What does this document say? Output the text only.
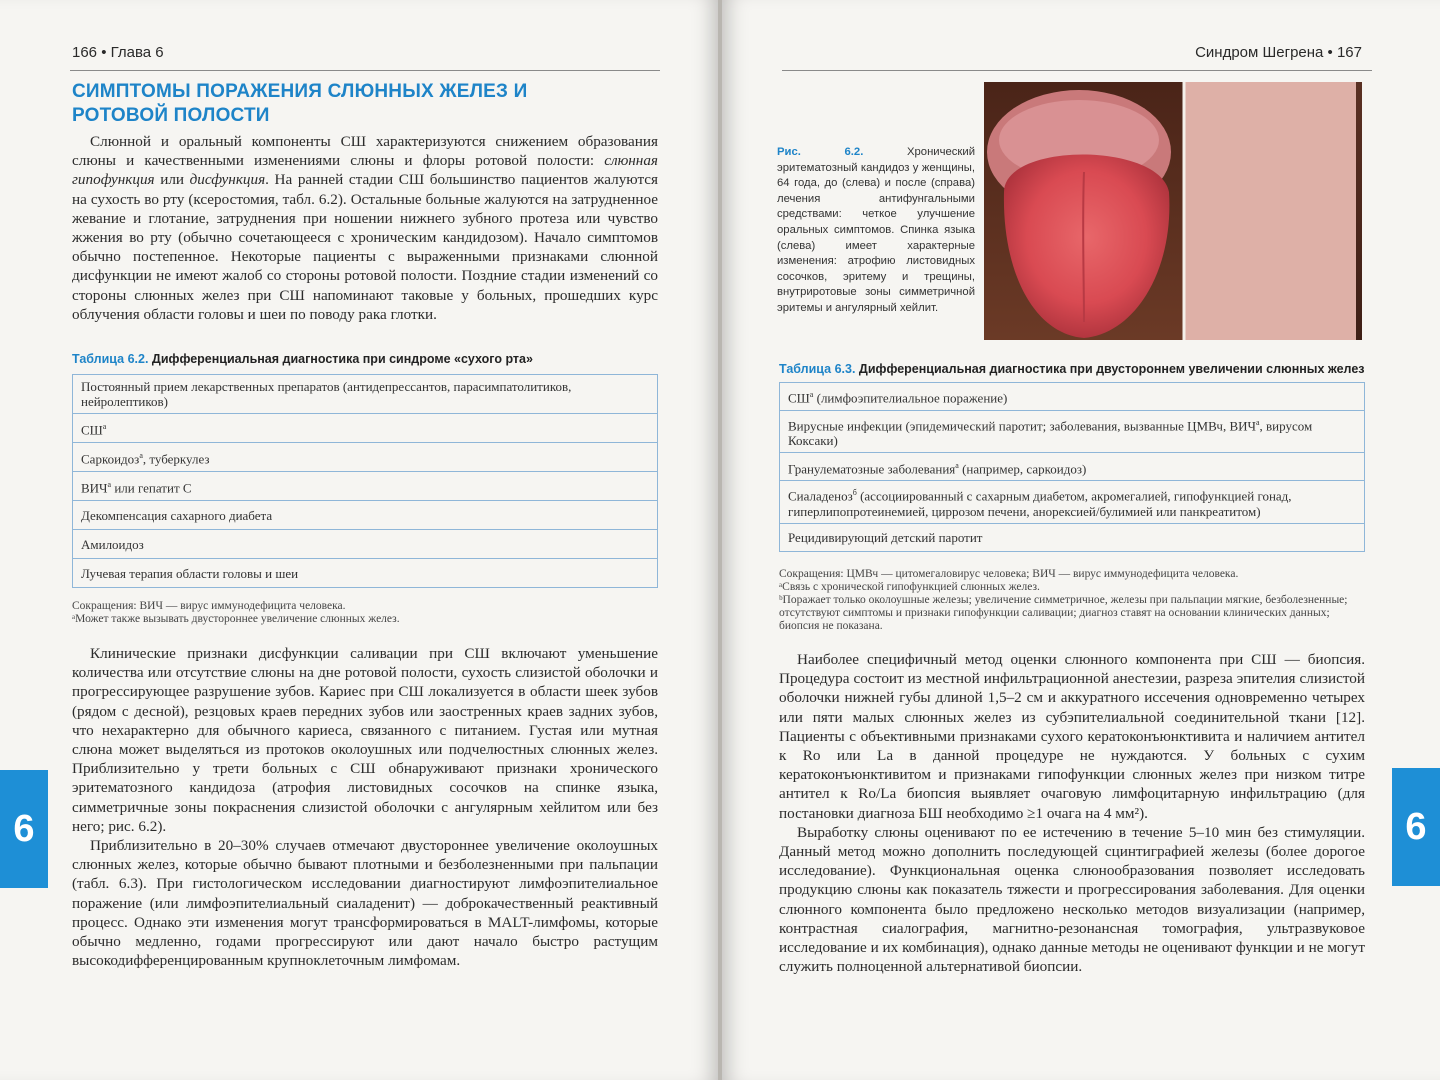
166 • Глава 6
СИМПТОМЫ ПОРАЖЕНИЯ СЛЮННЫХ ЖЕЛЕЗ И РОТОВОЙ ПОЛОСТИ

Слюнной и оральный компоненты СШ характеризуются снижением образования слюны и качественными изменениями слюны и флоры ротовой полости: слюнная гипофункция или дисфункция. На ранней стадии СШ большинство пациентов жалуются на сухость во рту (ксеростомия, табл. 6.2). Остальные больные жалуются на затрудненное жевание и глотание, затруднения при ношении нижнего зубного протеза или чувство жжения во рту (обычно сочетающееся с хроническим кандидозом). Начало симптомов обычно постепенное. Некоторые пациенты с выраженными признаками слюнной дисфункции не имеют жалоб со стороны ротовой полости. Поздние стадии изменений со стороны слюнных желез при СШ напоминают таковые у больных, прошедших курс облучения области головы и шеи по поводу рака глотки.

Таблица 6.2. Дифференциальная диагностика при синдроме «сухого рта»
Постоянный прием лекарственных препаратов (антидепрессантов, парасимпатолитиков, нейролептиков)
$СШ^а$
Саркоидоз$^а$, туберкулез
$ВИЧ^а$ или гепатит С
Декомпенсация сахарного диабета
Амилоидоз
Лучевая терапия области головы и шеи
Сокращения: ВИЧ — вирус иммунодефицита человека.
ᵃМожет также вызывать двустороннее увеличение слюнных желез.

Клинические признаки дисфункции саливации при СШ включают уменьшение количества или отсутствие слюны на дне ротовой полости, сухость слизистой оболочки и прогрессирующее разрушение зубов. Кариес при СШ локализуется в области шеек зубов (рядом с десной), резцовых краев передних зубов или заостренных краев задних зубов, что нехарактерно для обычного кариеса, связанного с питанием. Густая или мутная слюна может выделяться из протоков околоушных или подчелюстных слюнных желез. Приблизительно у трети больных с СШ обнаруживают признаки хронического эритематозного кандидоза (атрофия листовидных сосочков на спинке языка, симметричные зоны покраснения слизистой оболочки с ангулярным хейлитом или без него; рис. 6.2).

Приблизительно в 20–30% случаев отмечают двустороннее увеличение околоушных слюнных желез, которые обычно бывают плотными и безболезненными при пальпации (табл. 6.3). При гистологическом исследовании диагностируют лимфоэпителиальное поражение (или лимфоэпителиальный сиаладенит) — доброкачественный реактивный процесс. Однако эти изменения могут трансформироваться в MALT-лимфомы, которые обычно медленно, годами прогрессируют или дают начало быстро растущим высокодифференцированным крупноклеточным лимфомам.

6
Синдром Шегрена • 167
Рис. 6.2.	Хронический эритематозный кандидоз у женщины, 64 года, до (слева) и после (справа) лечения антифунгальными средствами: четкое улучшение оральных симптомов. Спинка языка (слева) имеет характерные изменения: атрофию листовидных сосочков, эритему и трещины, внутриротовые зоны симметричной эритемы и ангулярный хейлит.
Таблица 6.3. Дифференциальная диагностика при двустороннем увеличении слюнных желез
$СШ^а$ (лимфоэпителиальное поражение)
Вирусные инфекции (эпидемический паротит; заболевания, вызванные ЦМВч, $ВИЧ^а$, вирусом Коксаки)
Гранулематозные заболевания$^а$ (например, саркоидоз)
Сиаладеноз$^б$ (ассоциированный с сахарным диабетом, акромегалией, гипофункцией гонад, гиперлипопротеинемией, циррозом печени, анорексией/булимией или панкреатитом)
Рецидивирующий детский паротит
Сокращения: ЦМВч — цитомегаловирус человека; ВИЧ — вирус иммунодефицита человека.
ᵃСвязь с хронической гипофункцией слюнных желез.
ᵇПоражает только околоушные железы; увеличение симметричное, железы при пальпации мягкие, безболезненные; отсутствуют симптомы и признаки гипофункции саливации; диагноз ставят на основании клинических данных; биопсия не показана.

Наиболее специфичный метод оценки слюнного компонента при СШ — биопсия. Процедура состоит из местной инфильтрационной анестезии, разреза эпителия слизистой оболочки нижней губы длиной 1,5–2 см и аккуратного иссечения одновременно четырех или пяти малых слюнных желез из субэпителиальной соединительной ткани [12]. Пациенты с объективными признаками сухого кератоконъюнктивита и наличием антител к Ro или La в данной процедуре не нуждаются. У больных с сухим кератоконъюнктивитом и признаками гипофункции слюнных желез при низком титре антител к Ro/La биопсия выявляет очаговую лимфоцитарную инфильтрацию (для постановки диагноза БШ необходимо ≥1 очага на 4 мм²).

Выработку слюны оценивают по ее истечению в течение 5–10 мин без стимуляции. Данный метод можно дополнить последующей сцинтиграфией железы (более дорогое исследование). Функциональная оценка слюнообразования позволяет исследовать продукцию слюны как показатель тяжести и прогрессирования заболевания. Для оценки слюнного компонента было предложено несколько методов визуализации (например, контрастная сиалография, магнитно-резонансная томография, ультразвуковое исследование и их комбинация), однако данные методы не оценивают функции и не могут служить полноценной альтернативой биопсии.

6
